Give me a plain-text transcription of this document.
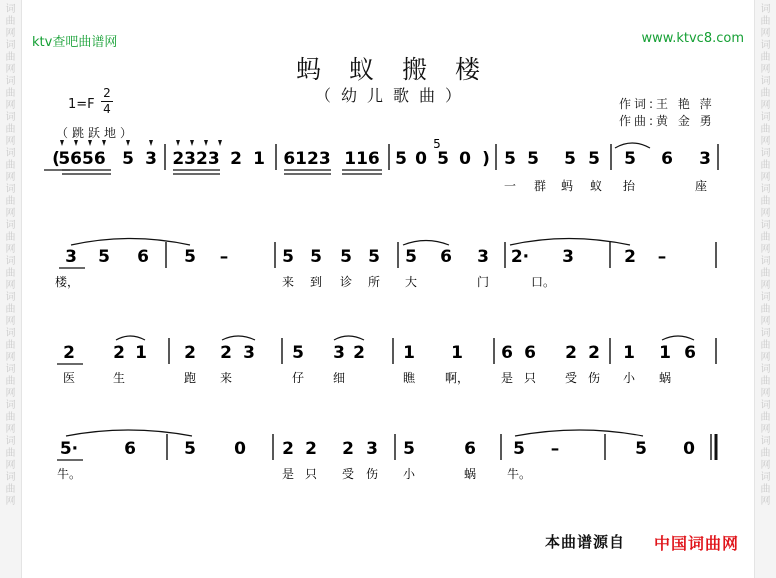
词
曲
网
词
曲
网
词
曲
网
词
曲
网
词
曲
网
词
曲
网
词
曲
网
词
曲
网
词
曲
网
词
曲
网
词
曲
网
词
曲
网
词
曲
网
词
曲
网
词
曲
网
词
曲
网
词
曲
网
词
曲
网
词
曲
网
词
曲
网
词
曲
网
词
曲
网
词
曲
网
词
曲
网
词
曲
网
词
曲
网
词
曲
网
词
曲
网
ktv查吧曲谱网	www.ktvc8.com
蚂蚁搬楼
（幼儿歌曲）
1=F
2
4
（跳跃地）
作词:王 艳 萍
作曲:黄 金 勇
(
5656 5 3 2323 2 1 6123 116 5 0 5 0 ) 5 5 5 5 5 6 3
一 群 蚂 蚁 抬	座
3 5 6 5 –	5 5 5 5 5 6 3 2· 3	2 –
楼，	来 到 诊 所 大	门	口。
2 2 1 2 2 3 5 3 2 1 1 6 6 2 2 1 1 6
医	生	跑 来	仔 细	瞧 啊，	是 只 受 伤 小 蜗
5·	6	5 0 2 2 2 3 5	6 5 –	5 0
牛。	是 只 受 伤 小	蜗	牛。
5
本曲谱源自 中国词曲网
